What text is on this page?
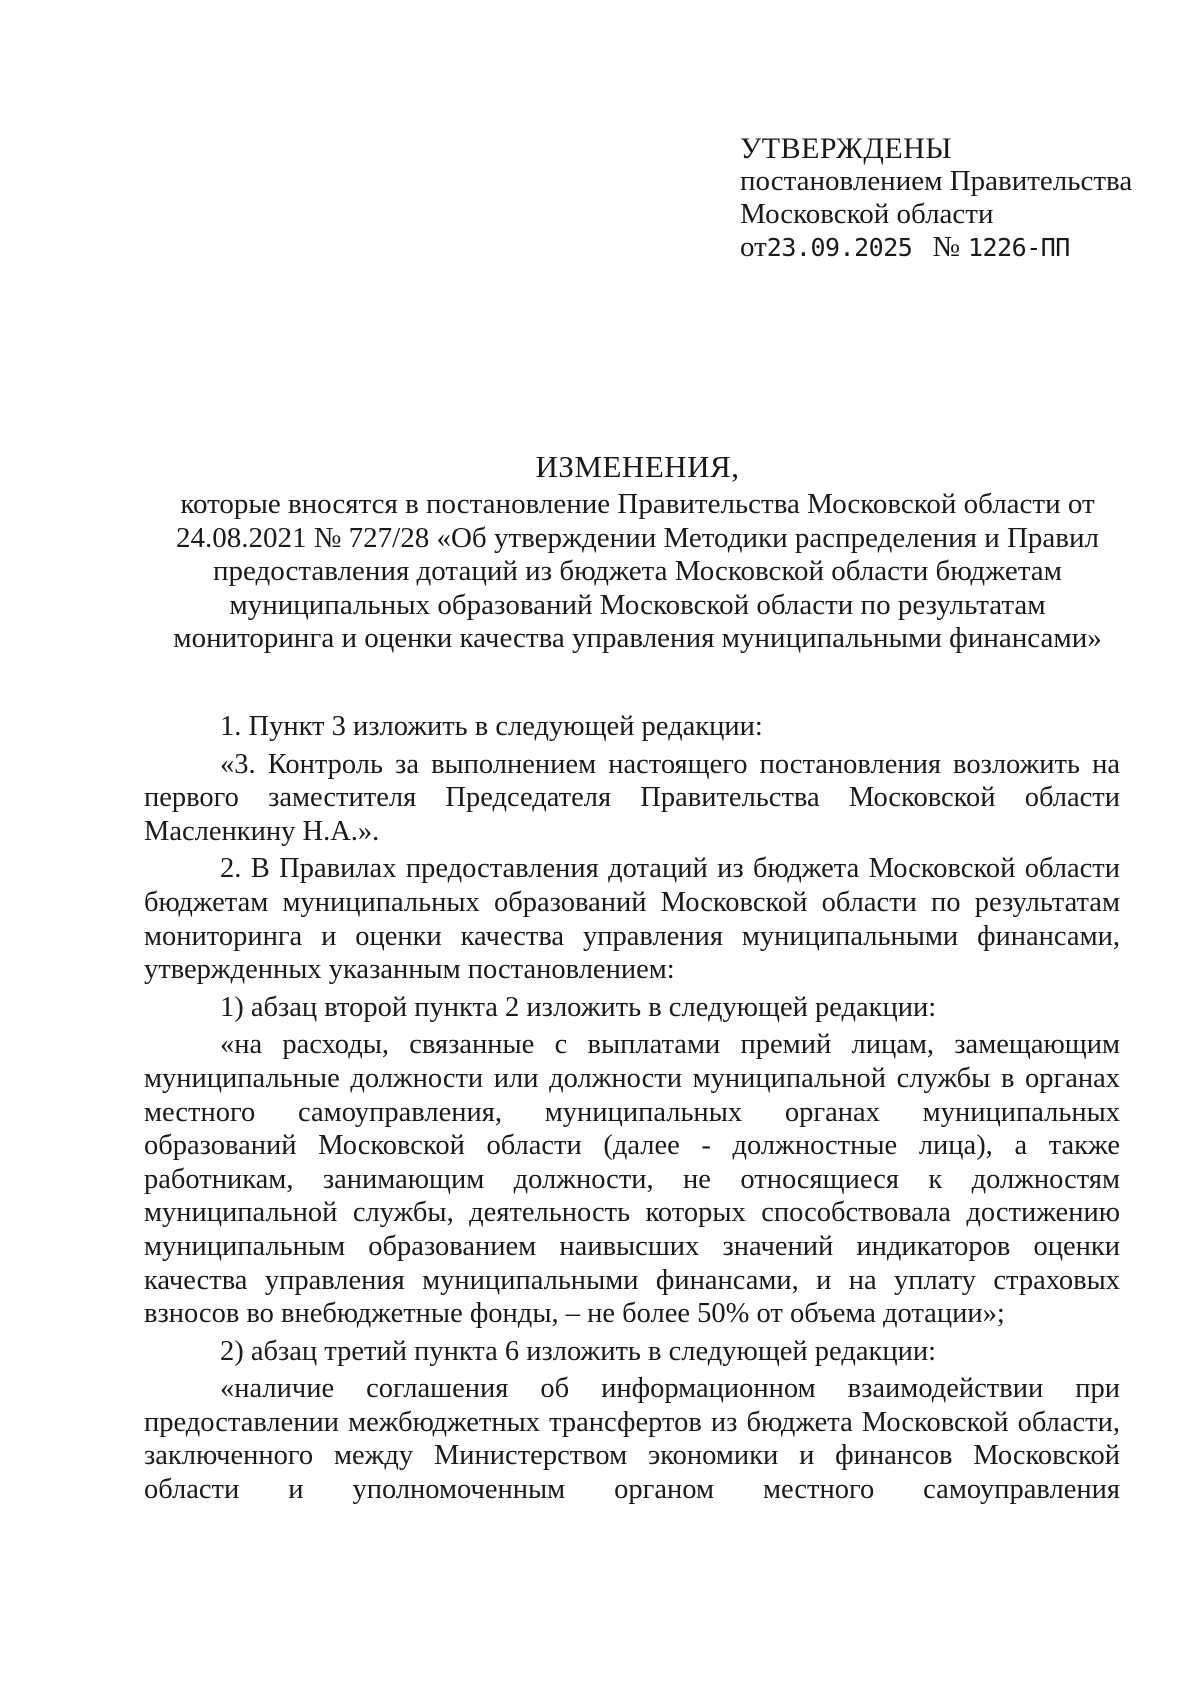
УТВЕРЖДЕНЫ
постановлением Правительства
Московской области
от23.09.2025 № 1226-ПП
ИЗМЕНЕНИЯ,
которые вносятся в постановление Правительства Московской области от 24.08.2021 № 727/28 «Об утверждении Методики распределения и Правил предоставления дотаций из бюджета Московской области бюджетам муниципальных образований Московской области по результатам мониторинга и оценки качества управления муниципальными финансами»

1. Пункт 3 изложить в следующей редакции:

«3. Контроль за выполнением настоящего постановления возложить на первого заместителя Председателя Правительства Московской области Масленкину Н.А.».

2. В Правилах предоставления дотаций из бюджета Московской области бюджетам муниципальных образований Московской области по результатам мониторинга и оценки качества управления муниципальными финансами, утвержденных указанным постановлением:

1) абзац второй пункта 2 изложить в следующей редакции:

«на расходы, связанные с выплатами премий лицам, замещающим муниципальные должности или должности муниципальной службы в органах местного самоуправления, муниципальных органах муниципальных образований Московской области (далее - должностные лица), а также работникам, занимающим должности, не относящиеся к должностям муниципальной службы, деятельность которых способствовала достижению муниципальным образованием наивысших значений индикаторов оценки качества управления муниципальными финансами, и на уплату страховых взносов во внебюджетные фонды, – не более 50% от объема дотации»;

2) абзац третий пункта 6 изложить в следующей редакции:

«наличие соглашения об информационном взаимодействии при предоставлении межбюджетных трансфертов из бюджета Московской области, заключенного между Министерством экономики и финансов Московской области и уполномоченным органом местного самоуправления
